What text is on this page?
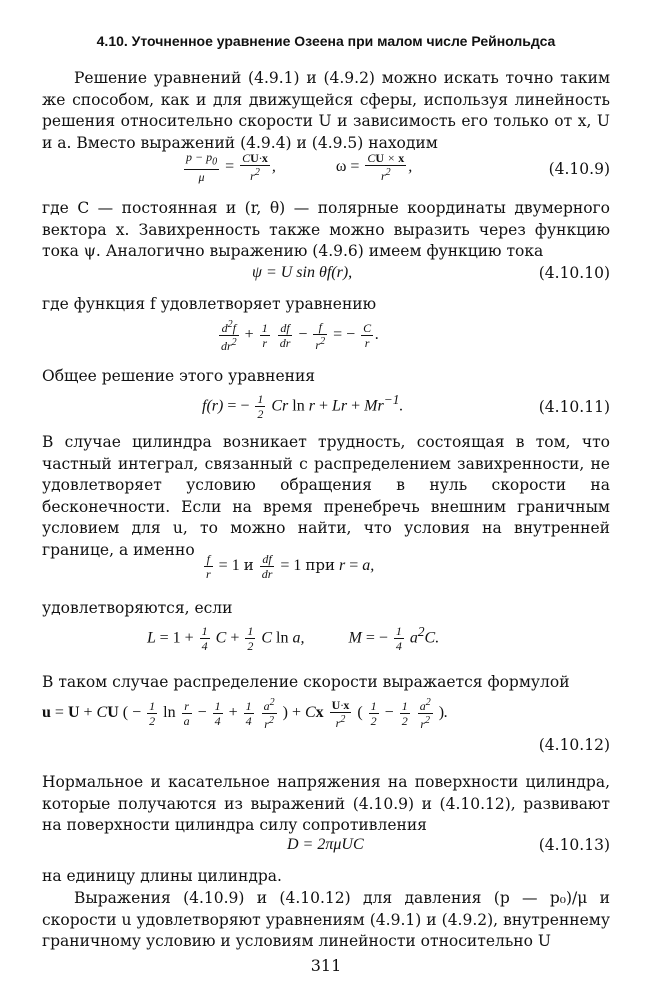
4.10. Уточненное уравнение Озеена при малом числе Рейнольдса
Решение уравнений (4.9.1) и (4.9.2) можно искать точно таким же способом, как и для движущейся сферы, используя линейность решения относительно скорости U и зависимость его только от x, U и a. Вместо выражений (4.9.4) и (4.9.5) находим
$\frac{p - p_0}{\mu} = \frac{CU\cdot x}{r^2}$ ,	$\omega = \frac{CU \times x}{r^2}$ ,	(4.10.9)
где C — постоянная и (r, θ) — полярные координаты двумерного вектора x. Завихренность также можно выразить через функцию тока ψ. Аналогично выражению (4.9.6) имеем функцию тока
ψ = U sin θf(r),	(4.10.10)
где функция f удовлетворяет уравнению
$\frac{d^2f}{dr^2} + \frac{1}{r}$
$\frac{df}{dr} - \frac{f}{r^2}$ = − $\frac{C}{r}$ .
Общее решение этого уравнения
f(r) = − $\frac{1}{2}$ Cr $\ln r + Lr + Mr^{-1}$.	(4.10.11)
В случае цилиндра возникает трудность, состоящая в том, что частный интеграл, связанный с распределением завихренности, не удовлетворяет условию обращения в нуль скорости на бесконечности. Если на время пренебречь внешним граничным условием для u, то можно найти, что условия на внутренней границе, а именно
$\frac{f}{r} = 1$ и $\frac{df}{dr} = 1$ при r = a,
удовлетворяются, если
$L = 1 + \frac{1}{4}$ $C + \frac{1}{2}$ C ln a,  M = − $\frac{1}{4} a^2C$.
В таком случае распределение скорости выражается формулой
u = U + CU ( − $\frac{1}{2}$ $\ln \frac{r}{a} - \frac{1}{4} + \frac{1}{4}$
$\frac{a^2}{r^2}$ ) + Cx $\frac{U\cdot x}{r^2}$ ( $\frac{1}{2} - \frac{1}{2}$
$\frac{a^2}{r^2}$ ).
(4.10.12)
Нормальное и касательное напряжения на поверхности цилиндра, которые получаются из выражений (4.10.9) и (4.10.12), развивают на поверхности цилиндра силу сопротивления
D = 2πμUC	(4.10.13)
на единицу длины цилиндра.
Выражения (4.10.9) и (4.10.12) для давления (p — p₀)/μ и скорости u удовлетворяют уравнениям (4.9.1) и (4.9.2), внутреннему граничному условию и условиям линейности относительно U
311
